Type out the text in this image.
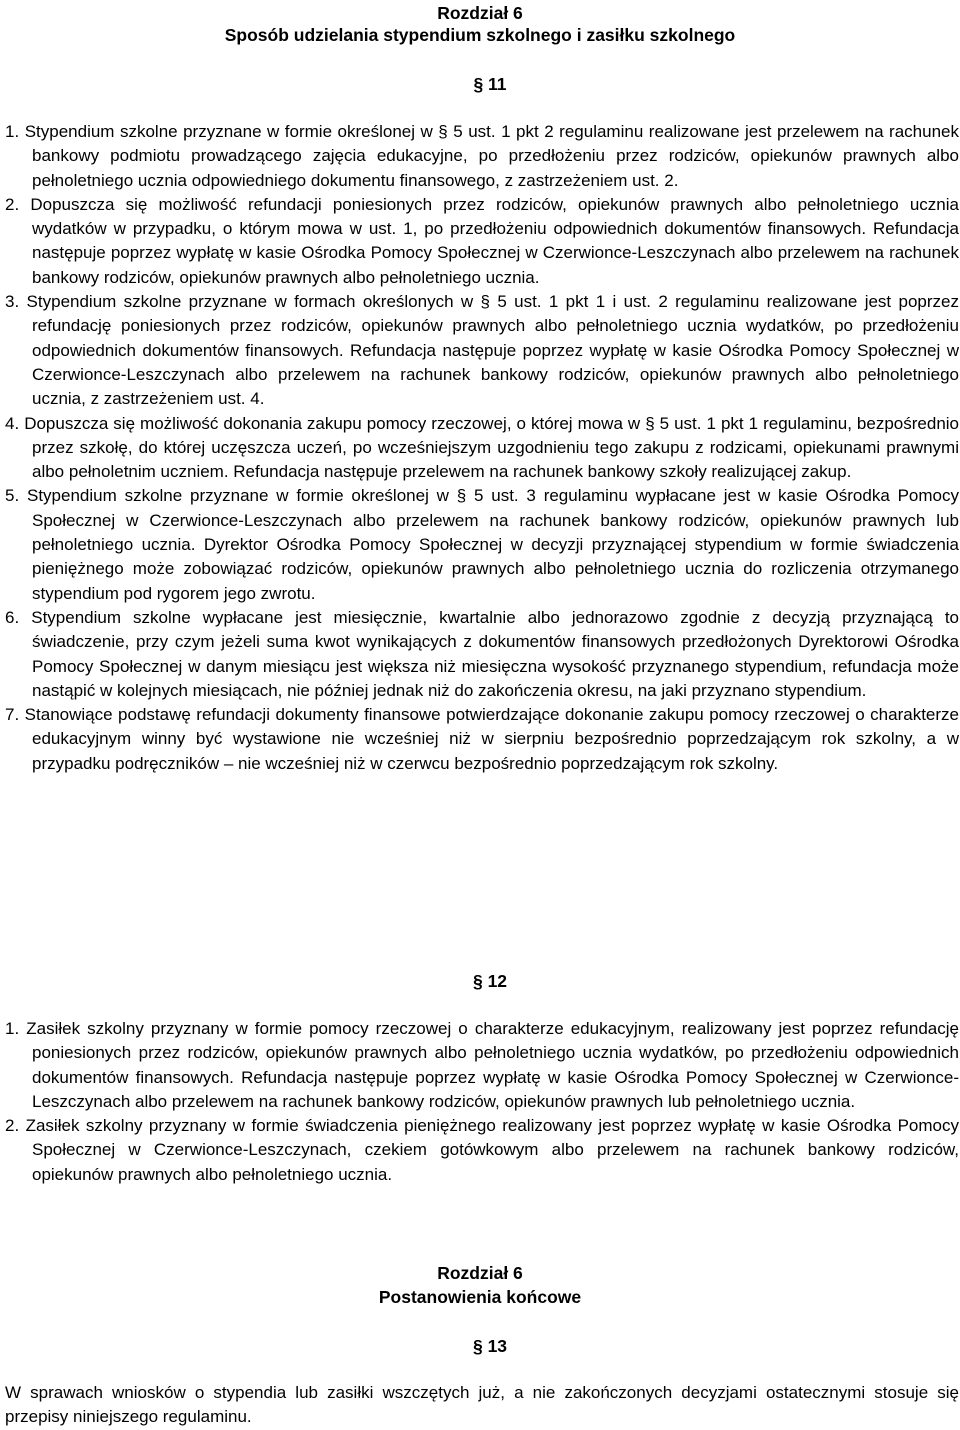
Rozdział 6
Sposób udzielania stypendium szkolnego i zasiłku szkolnego
§ 11

1. Stypendium szkolne przyznane w formie określonej w § 5 ust. 1 pkt 2 regulaminu realizowane jest przelewem na rachunek bankowy podmiotu prowadzącego zajęcia edukacyjne, po przedłożeniu przez rodziców, opiekunów prawnych albo pełnoletniego ucznia odpowiedniego dokumentu finansowego, z zastrzeżeniem ust. 2.

2. Dopuszcza się możliwość refundacji poniesionych przez rodziców, opiekunów prawnych albo pełnoletniego ucznia wydatków w przypadku, o którym mowa w ust. 1, po przedłożeniu odpowiednich dokumentów finansowych. Refundacja następuje poprzez wypłatę w kasie Ośrodka Pomocy Społecznej w Czerwionce-Leszczynach albo przelewem na rachunek bankowy rodziców, opiekunów prawnych albo pełnoletniego ucznia.

3. Stypendium szkolne przyznane w formach określonych w § 5 ust. 1 pkt 1 i ust. 2 regulaminu realizowane jest poprzez refundację poniesionych przez rodziców, opiekunów prawnych albo pełnoletniego ucznia wydatków, po przedłożeniu odpowiednich dokumentów finansowych. Refundacja następuje poprzez wypłatę w kasie Ośrodka Pomocy Społecznej w Czerwionce-Leszczynach albo przelewem na rachunek bankowy rodziców, opiekunów prawnych albo pełnoletniego ucznia, z zastrzeżeniem ust. 4.

4. Dopuszcza się możliwość dokonania zakupu pomocy rzeczowej, o której mowa w § 5 ust. 1 pkt 1 regulaminu, bezpośrednio przez szkołę, do której uczęszcza uczeń, po wcześniejszym uzgodnieniu tego zakupu z rodzicami, opiekunami prawnymi albo pełnoletnim uczniem. Refundacja następuje przelewem na rachunek bankowy szkoły realizującej zakup.

5. Stypendium szkolne przyznane w formie określonej w § 5 ust. 3 regulaminu wypłacane jest w kasie Ośrodka Pomocy Społecznej w Czerwionce-Leszczynach albo przelewem na rachunek bankowy rodziców, opiekunów prawnych lub pełnoletniego ucznia. Dyrektor Ośrodka Pomocy Społecznej w decyzji przyznającej stypendium w formie świadczenia pieniężnego może zobowiązać rodziców, opiekunów prawnych albo pełnoletniego ucznia do rozliczenia otrzymanego stypendium pod rygorem jego zwrotu.

6. Stypendium szkolne wypłacane jest miesięcznie, kwartalnie albo jednorazowo zgodnie z decyzją przyznającą to świadczenie, przy czym jeżeli suma kwot wynikających z dokumentów finansowych przedłożonych Dyrektorowi Ośrodka Pomocy Społecznej w danym miesiącu jest większa niż miesięczna wysokość przyznanego stypendium, refundacja może nastąpić w kolejnych miesiącach, nie później jednak niż do zakończenia okresu, na jaki przyznano stypendium.

7. Stanowiące podstawę refundacji dokumenty finansowe potwierdzające dokonanie zakupu pomocy rzeczowej o charakterze edukacyjnym winny być wystawione nie wcześniej niż w sierpniu bezpośrednio poprzedzającym rok szkolny, a w przypadku podręczników – nie wcześniej niż w czerwcu bezpośrednio poprzedzającym rok szkolny.

§ 12

1. Zasiłek szkolny przyznany w formie pomocy rzeczowej o charakterze edukacyjnym, realizowany jest poprzez refundację poniesionych przez rodziców, opiekunów prawnych albo pełnoletniego ucznia wydatków, po przedłożeniu odpowiednich dokumentów finansowych. Refundacja następuje poprzez wypłatę w kasie Ośrodka Pomocy Społecznej w Czerwionce-Leszczynach albo przelewem na rachunek bankowy rodziców, opiekunów prawnych lub pełnoletniego ucznia.

2. Zasiłek szkolny przyznany w formie świadczenia pieniężnego realizowany jest poprzez wypłatę w kasie Ośrodka Pomocy Społecznej w Czerwionce-Leszczynach, czekiem gotówkowym albo przelewem na rachunek bankowy rodziców, opiekunów prawnych albo pełnoletniego ucznia.

Rozdział 6
Postanowienia końcowe
§ 13

W sprawach wniosków o stypendia lub zasiłki wszczętych już, a nie zakończonych decyzjami ostatecznymi stosuje się przepisy niniejszego regulaminu.
